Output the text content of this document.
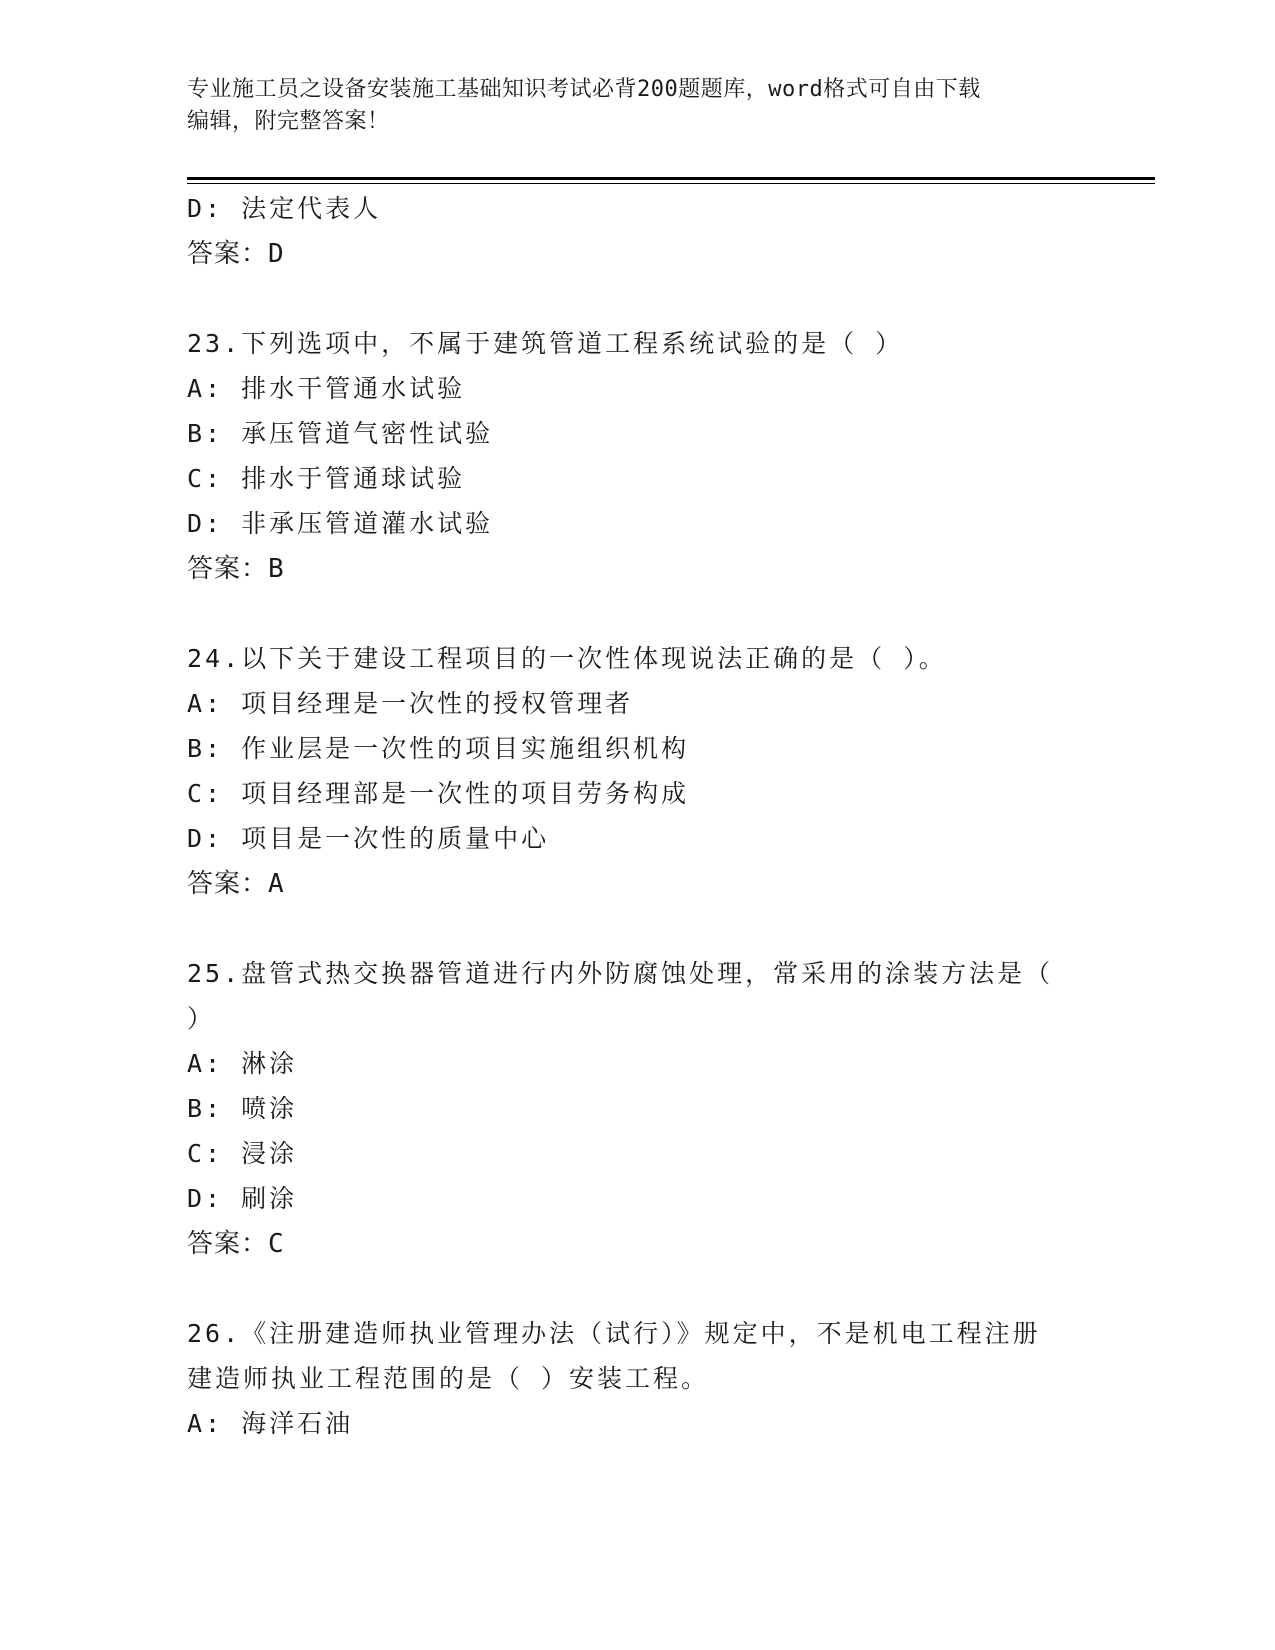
专业施工员之设备安装施工基础知识考试必背200题题库，word格式可自由下载
编辑，附完整答案！
D: 法定代表人
答案：D
23.下列选项中，不属于建筑管道工程系统试验的是（ ）
A: 排水干管通水试验
B: 承压管道气密性试验
C: 排水于管通球试验
D: 非承压管道灌水试验
答案：B
24.以下关于建设工程项目的一次性体现说法正确的是（ ）。
A: 项目经理是一次性的授权管理者
B: 作业层是一次性的项目实施组织机构
C: 项目经理部是一次性的项目劳务构成
D: 项目是一次性的质量中心
答案：A
25.盘管式热交换器管道进行内外防腐蚀处理，常采用的涂装方法是（
）
A: 淋涂
B: 喷涂
C: 浸涂
D: 刷涂
答案：C
26.《注册建造师执业管理办法（试行）》规定中，不是机电工程注册
建造师执业工程范围的是（ ）安装工程。
A: 海洋石油
